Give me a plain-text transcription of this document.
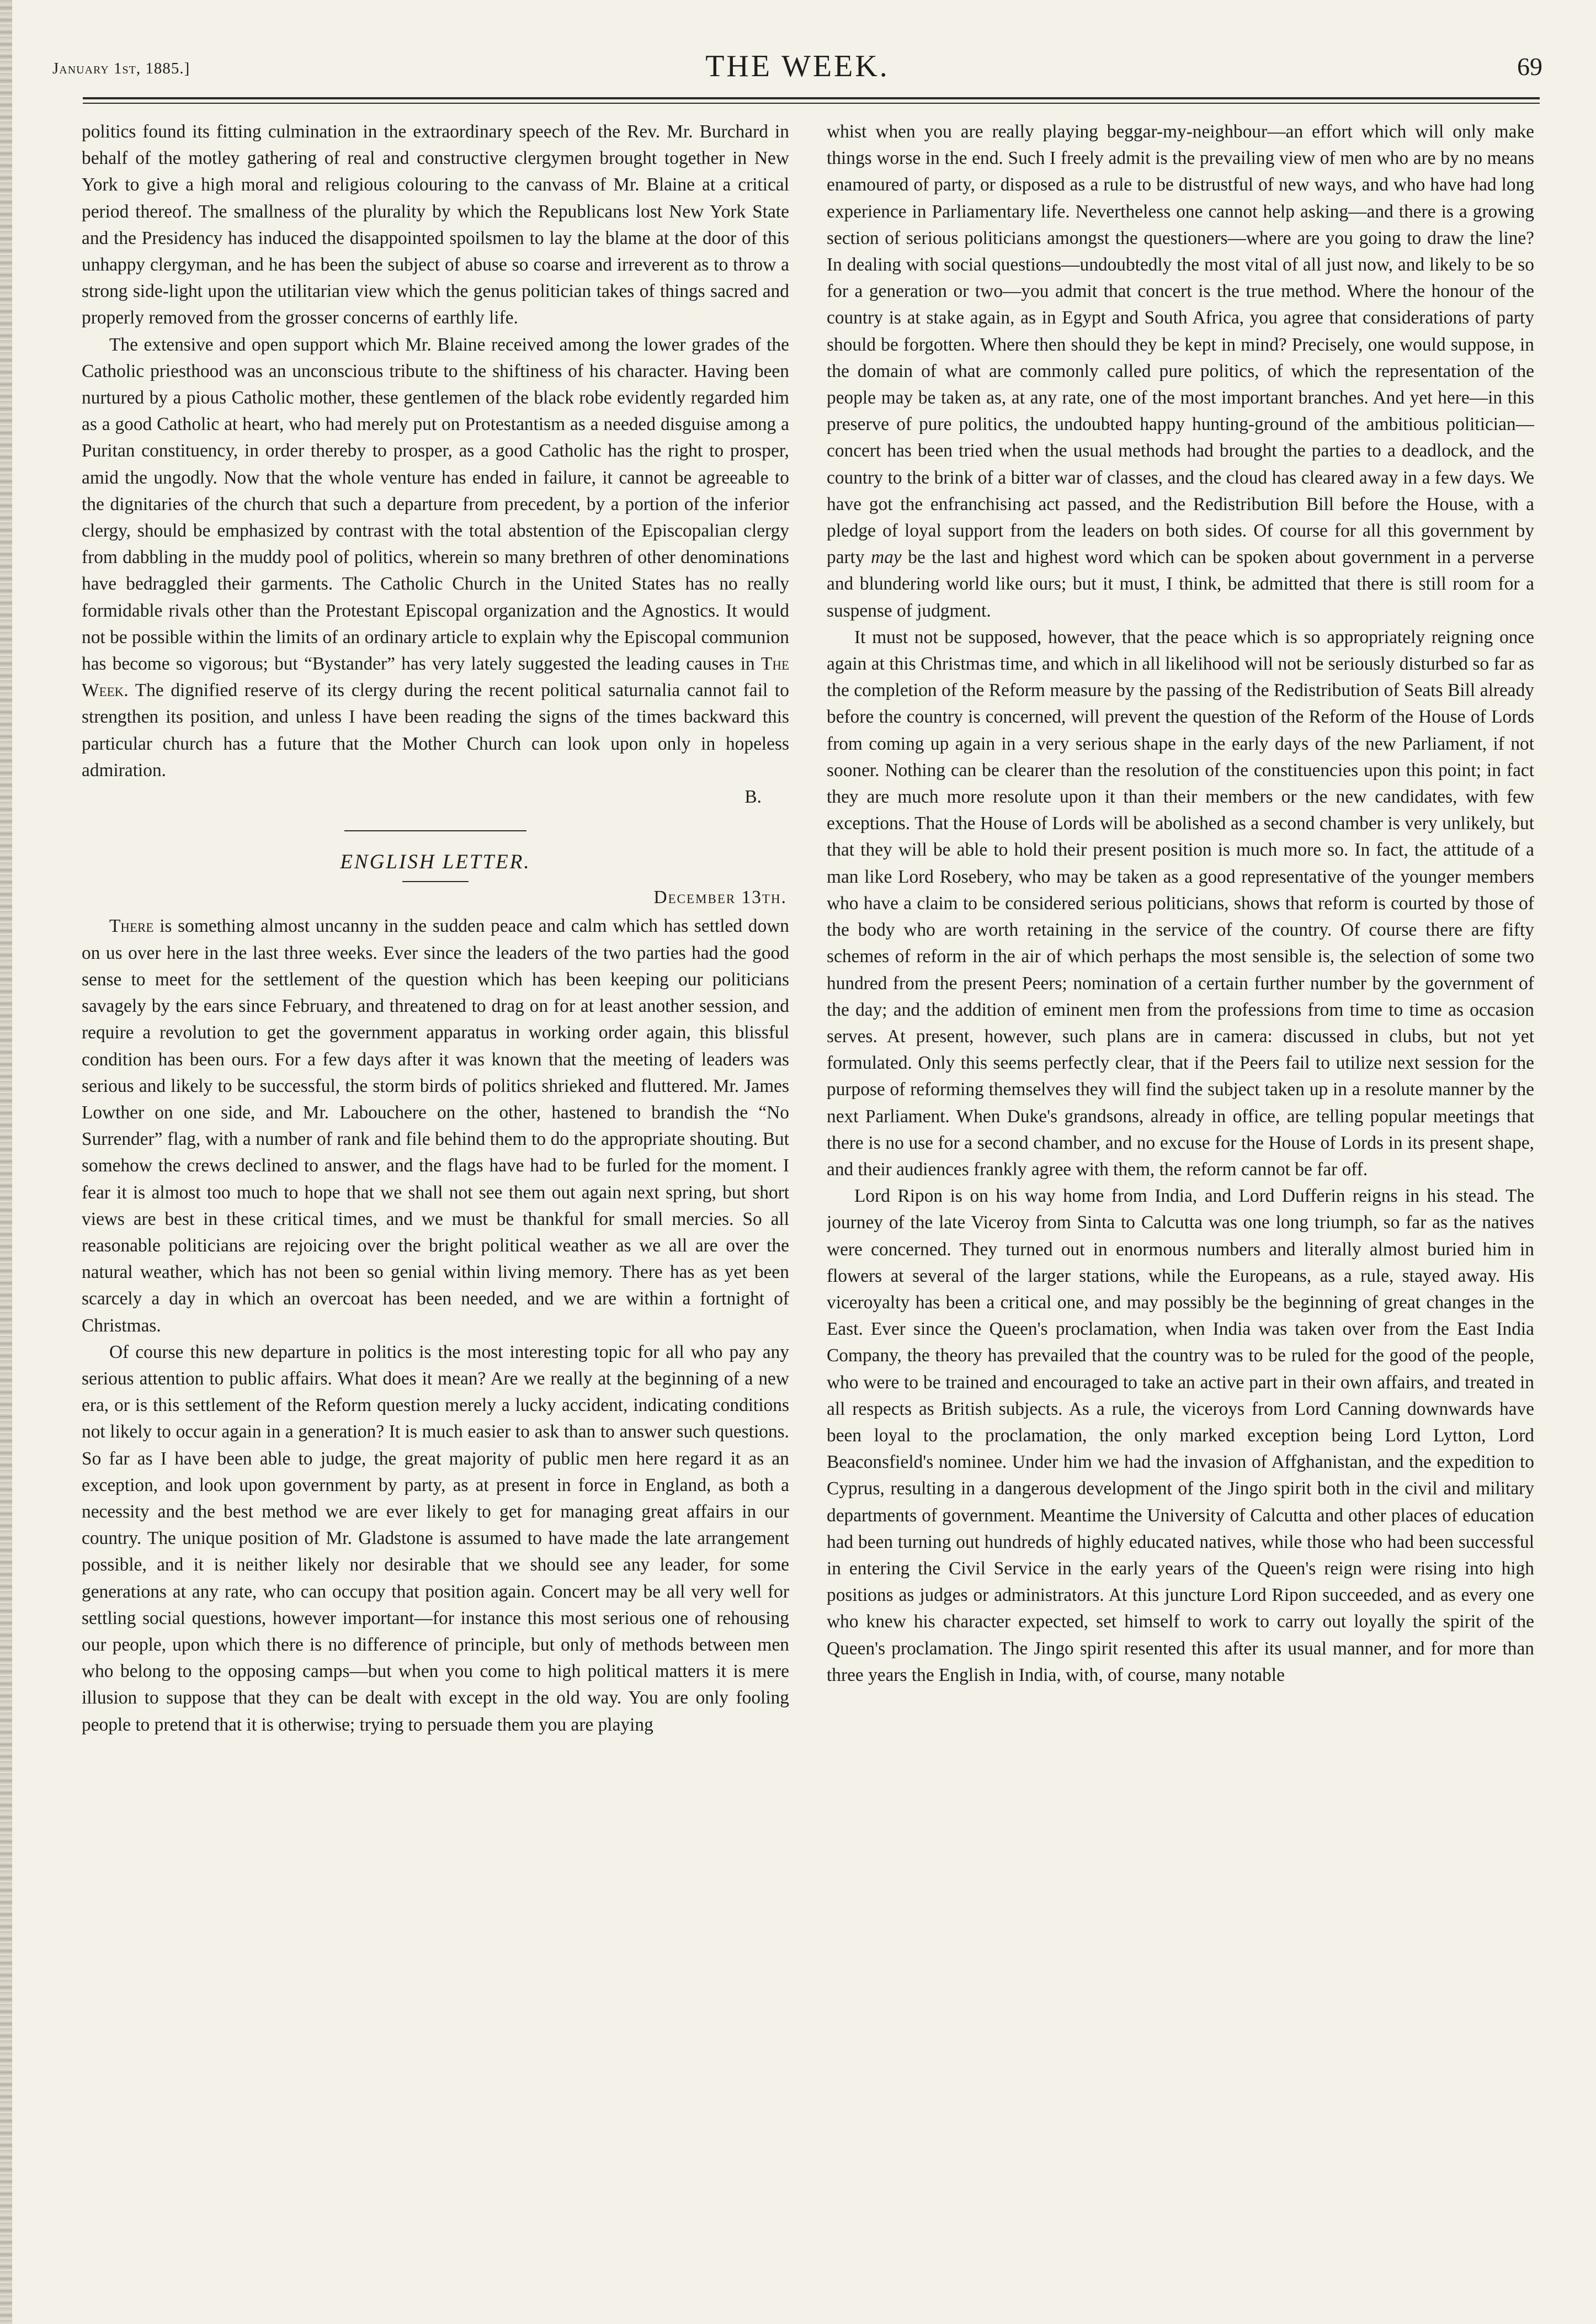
January 1st, 1885.]	THE WEEK.	69

politics found its fitting culmination in the extraordinary speech of the Rev. Mr. Burchard in behalf of the motley gathering of real and constructive clergymen brought together in New York to give a high moral and religious colouring to the canvass of Mr. Blaine at a critical period thereof. The smallness of the plurality by which the Republicans lost New York State and the Presidency has induced the disappointed spoilsmen to lay the blame at the door of this unhappy clergyman, and he has been the subject of abuse so coarse and irreverent as to throw a strong side-light upon the utilitarian view which the genus politician takes of things sacred and properly removed from the grosser concerns of earthly life.

The extensive and open support which Mr. Blaine received among the lower grades of the Catholic priesthood was an unconscious tribute to the shiftiness of his character. Having been nurtured by a pious Catholic mother, these gentlemen of the black robe evidently regarded him as a good Catholic at heart, who had merely put on Protestantism as a needed disguise among a Puritan constituency, in order thereby to prosper, as a good Catholic has the right to prosper, amid the ungodly. Now that the whole venture has ended in failure, it cannot be agreeable to the dignitaries of the church that such a departure from precedent, by a portion of the inferior clergy, should be emphasized by contrast with the total abstention of the Episcopalian clergy from dabbling in the muddy pool of politics, wherein so many brethren of other denominations have bedraggled their garments. The Catholic Church in the United States has no really formidable rivals other than the Protestant Episcopal organization and the Agnostics. It would not be possible within the limits of an ordinary article to explain why the Episcopal communion has become so vigorous; but “Bystander” has very lately suggested the leading causes in The Week. The dignified reserve of its clergy during the recent political saturnalia cannot fail to strengthen its position, and unless I have been reading the signs of the times backward this particular church has a future that the Mother Church can look upon only in hopeless admiration.

B.

ENGLISH LETTER.
December 13th.

There is something almost uncanny in the sudden peace and calm which has settled down on us over here in the last three weeks. Ever since the leaders of the two parties had the good sense to meet for the settlement of the question which has been keeping our politicians savagely by the ears since February, and threatened to drag on for at least another session, and require a revolution to get the government apparatus in working order again, this blissful condition has been ours. For a few days after it was known that the meeting of leaders was serious and likely to be successful, the storm birds of politics shrieked and fluttered. Mr. James Lowther on one side, and Mr. Labouchere on the other, hastened to brandish the “No Surrender” flag, with a number of rank and file behind them to do the appropriate shouting. But somehow the crews declined to answer, and the flags have had to be furled for the moment. I fear it is almost too much to hope that we shall not see them out again next spring, but short views are best in these critical times, and we must be thankful for small mercies. So all reasonable politicians are rejoicing over the bright political weather as we all are over the natural weather, which has not been so genial within living memory. There has as yet been scarcely a day in which an overcoat has been needed, and we are within a fortnight of Christmas.

Of course this new departure in politics is the most interesting topic for all who pay any serious attention to public affairs. What does it mean? Are we really at the beginning of a new era, or is this settlement of the Reform question merely a lucky accident, indicating conditions not likely to occur again in a generation? It is much easier to ask than to answer such questions. So far as I have been able to judge, the great majority of public men here regard it as an exception, and look upon government by party, as at present in force in England, as both a necessity and the best method we are ever likely to get for managing great affairs in our country. The unique position of Mr. Gladstone is assumed to have made the late arrangement possible, and it is neither likely nor desirable that we should see any leader, for some generations at any rate, who can occupy that position again. Concert may be all very well for settling social questions, however important—for instance this most serious one of rehousing our people, upon which there is no difference of principle, but only of methods between men who belong to the opposing camps—but when you come to high political matters it is mere illusion to suppose that they can be dealt with except in the old way. You are only fooling people to pretend that it is otherwise; trying to persuade them you are playing

whist when you are really playing beggar-my-neighbour—an effort which will only make things worse in the end. Such I freely admit is the prevailing view of men who are by no means enamoured of party, or disposed as a rule to be distrustful of new ways, and who have had long experience in Parliamentary life. Nevertheless one cannot help asking—and there is a growing section of serious politicians amongst the questioners—where are you going to draw the line? In dealing with social questions—undoubtedly the most vital of all just now, and likely to be so for a generation or two—you admit that concert is the true method. Where the honour of the country is at stake again, as in Egypt and South Africa, you agree that considerations of party should be forgotten. Where then should they be kept in mind? Precisely, one would suppose, in the domain of what are commonly called pure politics, of which the representation of the people may be taken as, at any rate, one of the most important branches. And yet here—in this preserve of pure politics, the undoubted happy hunting-ground of the ambitious politician—concert has been tried when the usual methods had brought the parties to a deadlock, and the country to the brink of a bitter war of classes, and the cloud has cleared away in a few days. We have got the enfranchising act passed, and the Redistribution Bill before the House, with a pledge of loyal support from the leaders on both sides. Of course for all this government by party may be the last and highest word which can be spoken about government in a perverse and blundering world like ours; but it must, I think, be admitted that there is still room for a suspense of judgment.

It must not be supposed, however, that the peace which is so appropriately reigning once again at this Christmas time, and which in all likelihood will not be seriously disturbed so far as the completion of the Reform measure by the passing of the Redistribution of Seats Bill already before the country is concerned, will prevent the question of the Reform of the House of Lords from coming up again in a very serious shape in the early days of the new Parliament, if not sooner. Nothing can be clearer than the resolution of the constituencies upon this point; in fact they are much more resolute upon it than their members or the new candidates, with few exceptions. That the House of Lords will be abolished as a second chamber is very unlikely, but that they will be able to hold their present position is much more so. In fact, the attitude of a man like Lord Rosebery, who may be taken as a good representative of the younger members who have a claim to be considered serious politicians, shows that reform is courted by those of the body who are worth retaining in the service of the country. Of course there are fifty schemes of reform in the air of which perhaps the most sensible is, the selection of some two hundred from the present Peers; nomination of a certain further number by the government of the day; and the addition of eminent men from the professions from time to time as occasion serves. At present, however, such plans are in camera: discussed in clubs, but not yet formulated. Only this seems perfectly clear, that if the Peers fail to utilize next session for the purpose of reforming themselves they will find the subject taken up in a resolute manner by the next Parliament. When Duke's grandsons, already in office, are telling popular meetings that there is no use for a second chamber, and no excuse for the House of Lords in its present shape, and their audiences frankly agree with them, the reform cannot be far off.

Lord Ripon is on his way home from India, and Lord Dufferin reigns in his stead. The journey of the late Viceroy from Sinta to Calcutta was one long triumph, so far as the natives were concerned. They turned out in enormous numbers and literally almost buried him in flowers at several of the larger stations, while the Europeans, as a rule, stayed away. His viceroyalty has been a critical one, and may possibly be the beginning of great changes in the East. Ever since the Queen's proclamation, when India was taken over from the East India Company, the theory has prevailed that the country was to be ruled for the good of the people, who were to be trained and encouraged to take an active part in their own affairs, and treated in all respects as British subjects. As a rule, the viceroys from Lord Canning downwards have been loyal to the proclamation, the only marked exception being Lord Lytton, Lord Beaconsfield's nominee. Under him we had the invasion of Affghanistan, and the expedition to Cyprus, resulting in a dangerous development of the Jingo spirit both in the civil and military departments of government. Meantime the University of Calcutta and other places of education had been turning out hundreds of highly educated natives, while those who had been successful in entering the Civil Service in the early years of the Queen's reign were rising into high positions as judges or administrators. At this juncture Lord Ripon succeeded, and as every one who knew his character expected, set himself to work to carry out loyally the spirit of the Queen's proclamation. The Jingo spirit resented this after its usual manner, and for more than three years the English in India, with, of course, many notable
